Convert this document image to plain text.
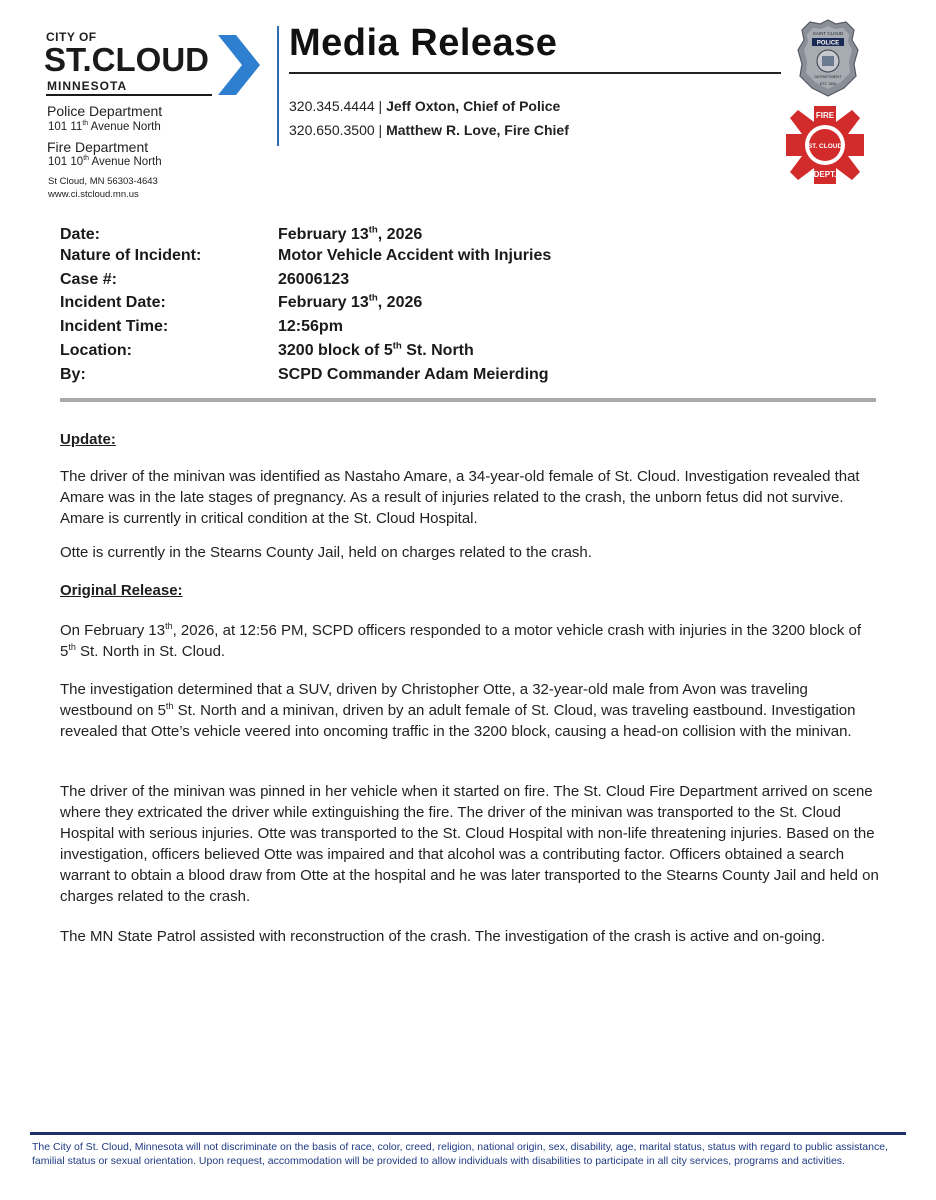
CITY OF
ST.CLOUD
MINNESOTA
Police Department
101 11th Avenue North
Fire Department
101 10th Avenue North
St Cloud, MN 56303-4643
www.ci.stcloud.mn.us
Media Release
320.345.4444 | Jeff Oxton, Chief of Police
320.650.3500 | Matthew R. Love, Fire Chief
SAINT CLOUD
POLICE
DEPARTMENT
EST. 1858
FIRE
ST. CLOUD
DEPT.
Date:	February 13th, 2026
Nature of Incident:	Motor Vehicle Accident with Injuries
Case #:	26006123
Incident Date:	February 13th, 2026
Incident Time:	12:56pm
Location:	3200 block of 5th St. North
By:	SCPD Commander Adam Meierding
Update:
The driver of the minivan was identified as Nastaho Amare, a 34-year-old female of St. Cloud. Investigation revealed that Amare was in the late stages of pregnancy. As a result of injuries related to the crash, the unborn fetus did not survive. Amare is currently in critical condition at the St. Cloud Hospital.
Otte is currently in the Stearns County Jail, held on charges related to the crash.
Original Release:
On February 13th, 2026, at 12:56 PM, SCPD officers responded to a motor vehicle crash with injuries in the 3200 block of 5th St. North in St. Cloud.
The investigation determined that a SUV, driven by Christopher Otte, a 32-year-old male from Avon was traveling westbound on 5th St. North and a minivan, driven by an adult female of St. Cloud, was traveling eastbound. Investigation revealed that Otte’s vehicle veered into oncoming traffic in the 3200 block, causing a head-on collision with the minivan.
The driver of the minivan was pinned in her vehicle when it started on fire. The St. Cloud Fire Department arrived on scene where they extricated the driver while extinguishing the fire. The driver of the minivan was transported to the St. Cloud Hospital with serious injuries. Otte was transported to the St. Cloud Hospital with non-life threatening injuries. Based on the investigation, officers believed Otte was impaired and that alcohol was a contributing factor. Officers obtained a search warrant to obtain a blood draw from Otte at the hospital and he was later transported to the Stearns County Jail and held on charges related to the crash.
The MN State Patrol assisted with reconstruction of the crash. The investigation of the crash is active and on-going.
The City of St. Cloud, Minnesota will not discriminate on the basis of race, color, creed, religion, national origin, sex, disability, age, marital status, status with regard to public assistance, familial status or sexual orientation. Upon request, accommodation will be provided to allow individuals with disabilities to participate in all city services, programs and activities.
